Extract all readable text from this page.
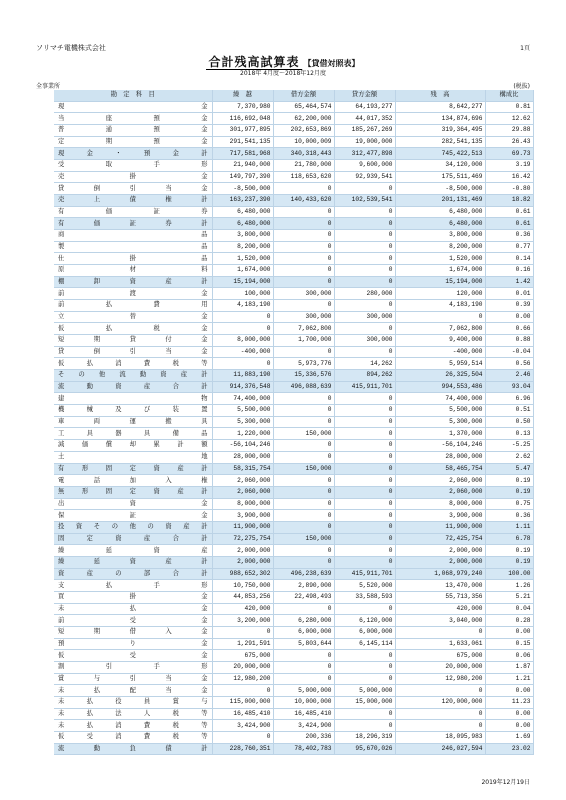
ソリマチ電機株式会社	1頁
合計残高試算表 【貸借対照表】
2018年 4月度～2018年12月度
全事業所	(税抜)
勘　定　科　目	繰　越	借方金額	貸方金額	残　高	構成比
現金	7,370,980	65,464,574	64,193,277	8,642,277	0.81
当座預金	116,692,048	62,200,000	44,017,352	134,874,696	12.62
普通預金	301,977,895	202,653,869	185,267,269	319,364,495	29.88
定期預金	291,541,135	10,000,009	19,000,000	282,541,135	26.43
現金・預金計	717,581,968	340,318,443	312,477,898	745,422,513	69.73
受取手形	21,940,000	21,780,000	9,600,000	34,120,000	3.19
売掛金	149,797,390	118,653,620	92,939,541	175,511,469	16.42
貸倒引当金	-8,500,000	0	0	-8,500,000	-0.80
売上債権計	163,237,390	140,433,620	102,539,541	201,131,469	18.82
有価証券	6,480,000	0	0	6,480,000	0.61
有価証券計	6,480,000	0	0	6,480,000	0.61
商品	3,800,000	0	0	3,800,000	0.36
製品	8,200,000	0	0	8,200,000	0.77
仕掛品	1,520,000	0	0	1,520,000	0.14
原材料	1,674,000	0	0	1,674,000	0.16
棚卸資産計	15,194,000	0	0	15,194,000	1.42
前渡金	100,000	300,000	280,000	120,000	0.01
前払費用	4,183,190	0	0	4,183,190	0.39
立替金	0	300,000	300,000	0	0.00
仮払税金	0	7,062,800	0	7,062,800	0.66
短期貸付金	8,000,000	1,700,000	300,000	9,400,000	0.88
貸倒引当金	-400,000	0	0	-400,000	-0.04
仮払消費税等	0	5,973,776	14,262	5,959,514	0.56
その他流動資産計	11,883,190	15,336,576	894,262	26,325,504	2.46
流動資産合計	914,376,548	496,088,639	415,911,701	994,553,486	93.04
建物	74,400,000	0	0	74,400,000	6.96
機械及び装置	5,500,000	0	0	5,500,000	0.51
車両運搬具	5,300,000	0	0	5,300,000	0.50
工具器具備品	1,220,000	150,000	0	1,370,000	0.13
減価償却累計額	-56,104,246	0	0	-56,104,246	-5.25
土地	28,000,000	0	0	28,000,000	2.62
有形固定資産計	58,315,754	150,000	0	58,465,754	5.47
電話加入権	2,060,000	0	0	2,060,000	0.19
無形固定資産計	2,060,000	0	0	2,060,000	0.19
出資金	8,000,000	0	0	8,000,000	0.75
保証金	3,900,000	0	0	3,900,000	0.36
投資その他の資産計	11,900,000	0	0	11,900,000	1.11
固定資産合計	72,275,754	150,000	0	72,425,754	6.78
繰延資産	2,000,000	0	0	2,000,000	0.19
繰延資産計	2,000,000	0	0	2,000,000	0.19
資産の部合計	988,652,302	496,238,639	415,911,701	1,068,979,240	100.00
支払手形	10,750,000	2,890,000	5,520,000	13,470,000	1.26
買掛金	44,853,256	22,498,493	33,588,593	55,713,356	5.21
未払金	420,000	0	0	420,000	0.04
前受金	3,200,000	6,280,000	6,120,000	3,040,000	0.28
短期借入金	0	6,000,000	6,000,000	0	0.00
預り金	1,291,591	5,803,644	6,145,114	1,633,061	0.15
仮受金	675,000	0	0	675,000	0.06
割引手形	20,000,000	0	0	20,000,000	1.87
賞与引当金	12,980,200	0	0	12,980,200	1.21
未払配当金	0	5,000,000	5,000,000	0	0.00
未払役員賞与	115,000,000	10,000,000	15,000,000	120,000,000	11.23
未払法人税等	16,485,410	16,485,410	0	0	0.00
未払消費税等	3,424,900	3,424,900	0	0	0.00
仮受消費税等	0	200,336	18,296,319	18,095,983	1.69
流動負債計	228,760,351	78,402,783	95,670,026	246,027,594	23.02
2019年12月19日
